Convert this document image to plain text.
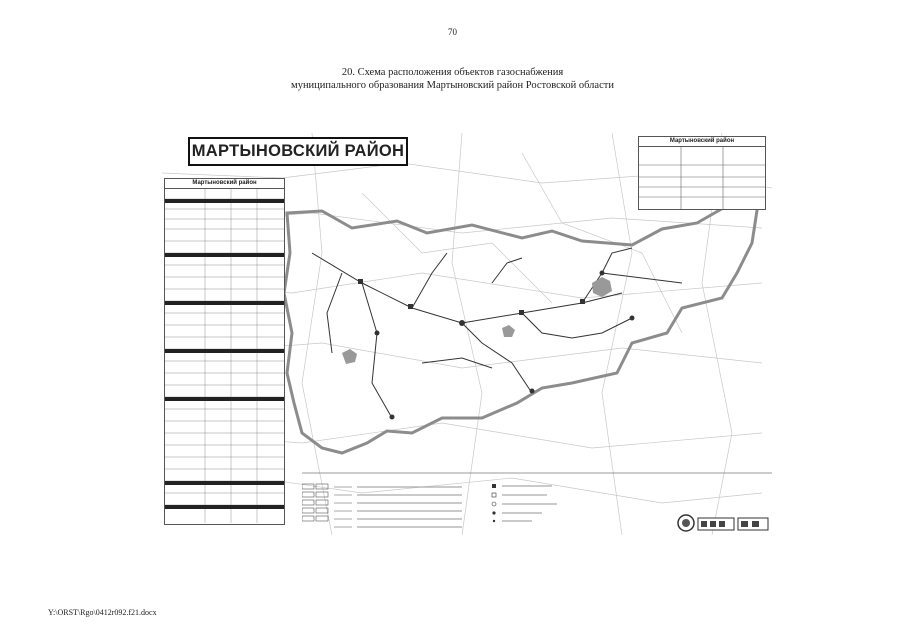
70
20. Схема расположения объектов газоснабжения
муниципального образования Мартыновский район Ростовской области
Мартыновский район
Мартыновский район
МАРТЫНОВСКИЙ РАЙОН
Y:\ORST\Rgo\0412r092.f21.docx
